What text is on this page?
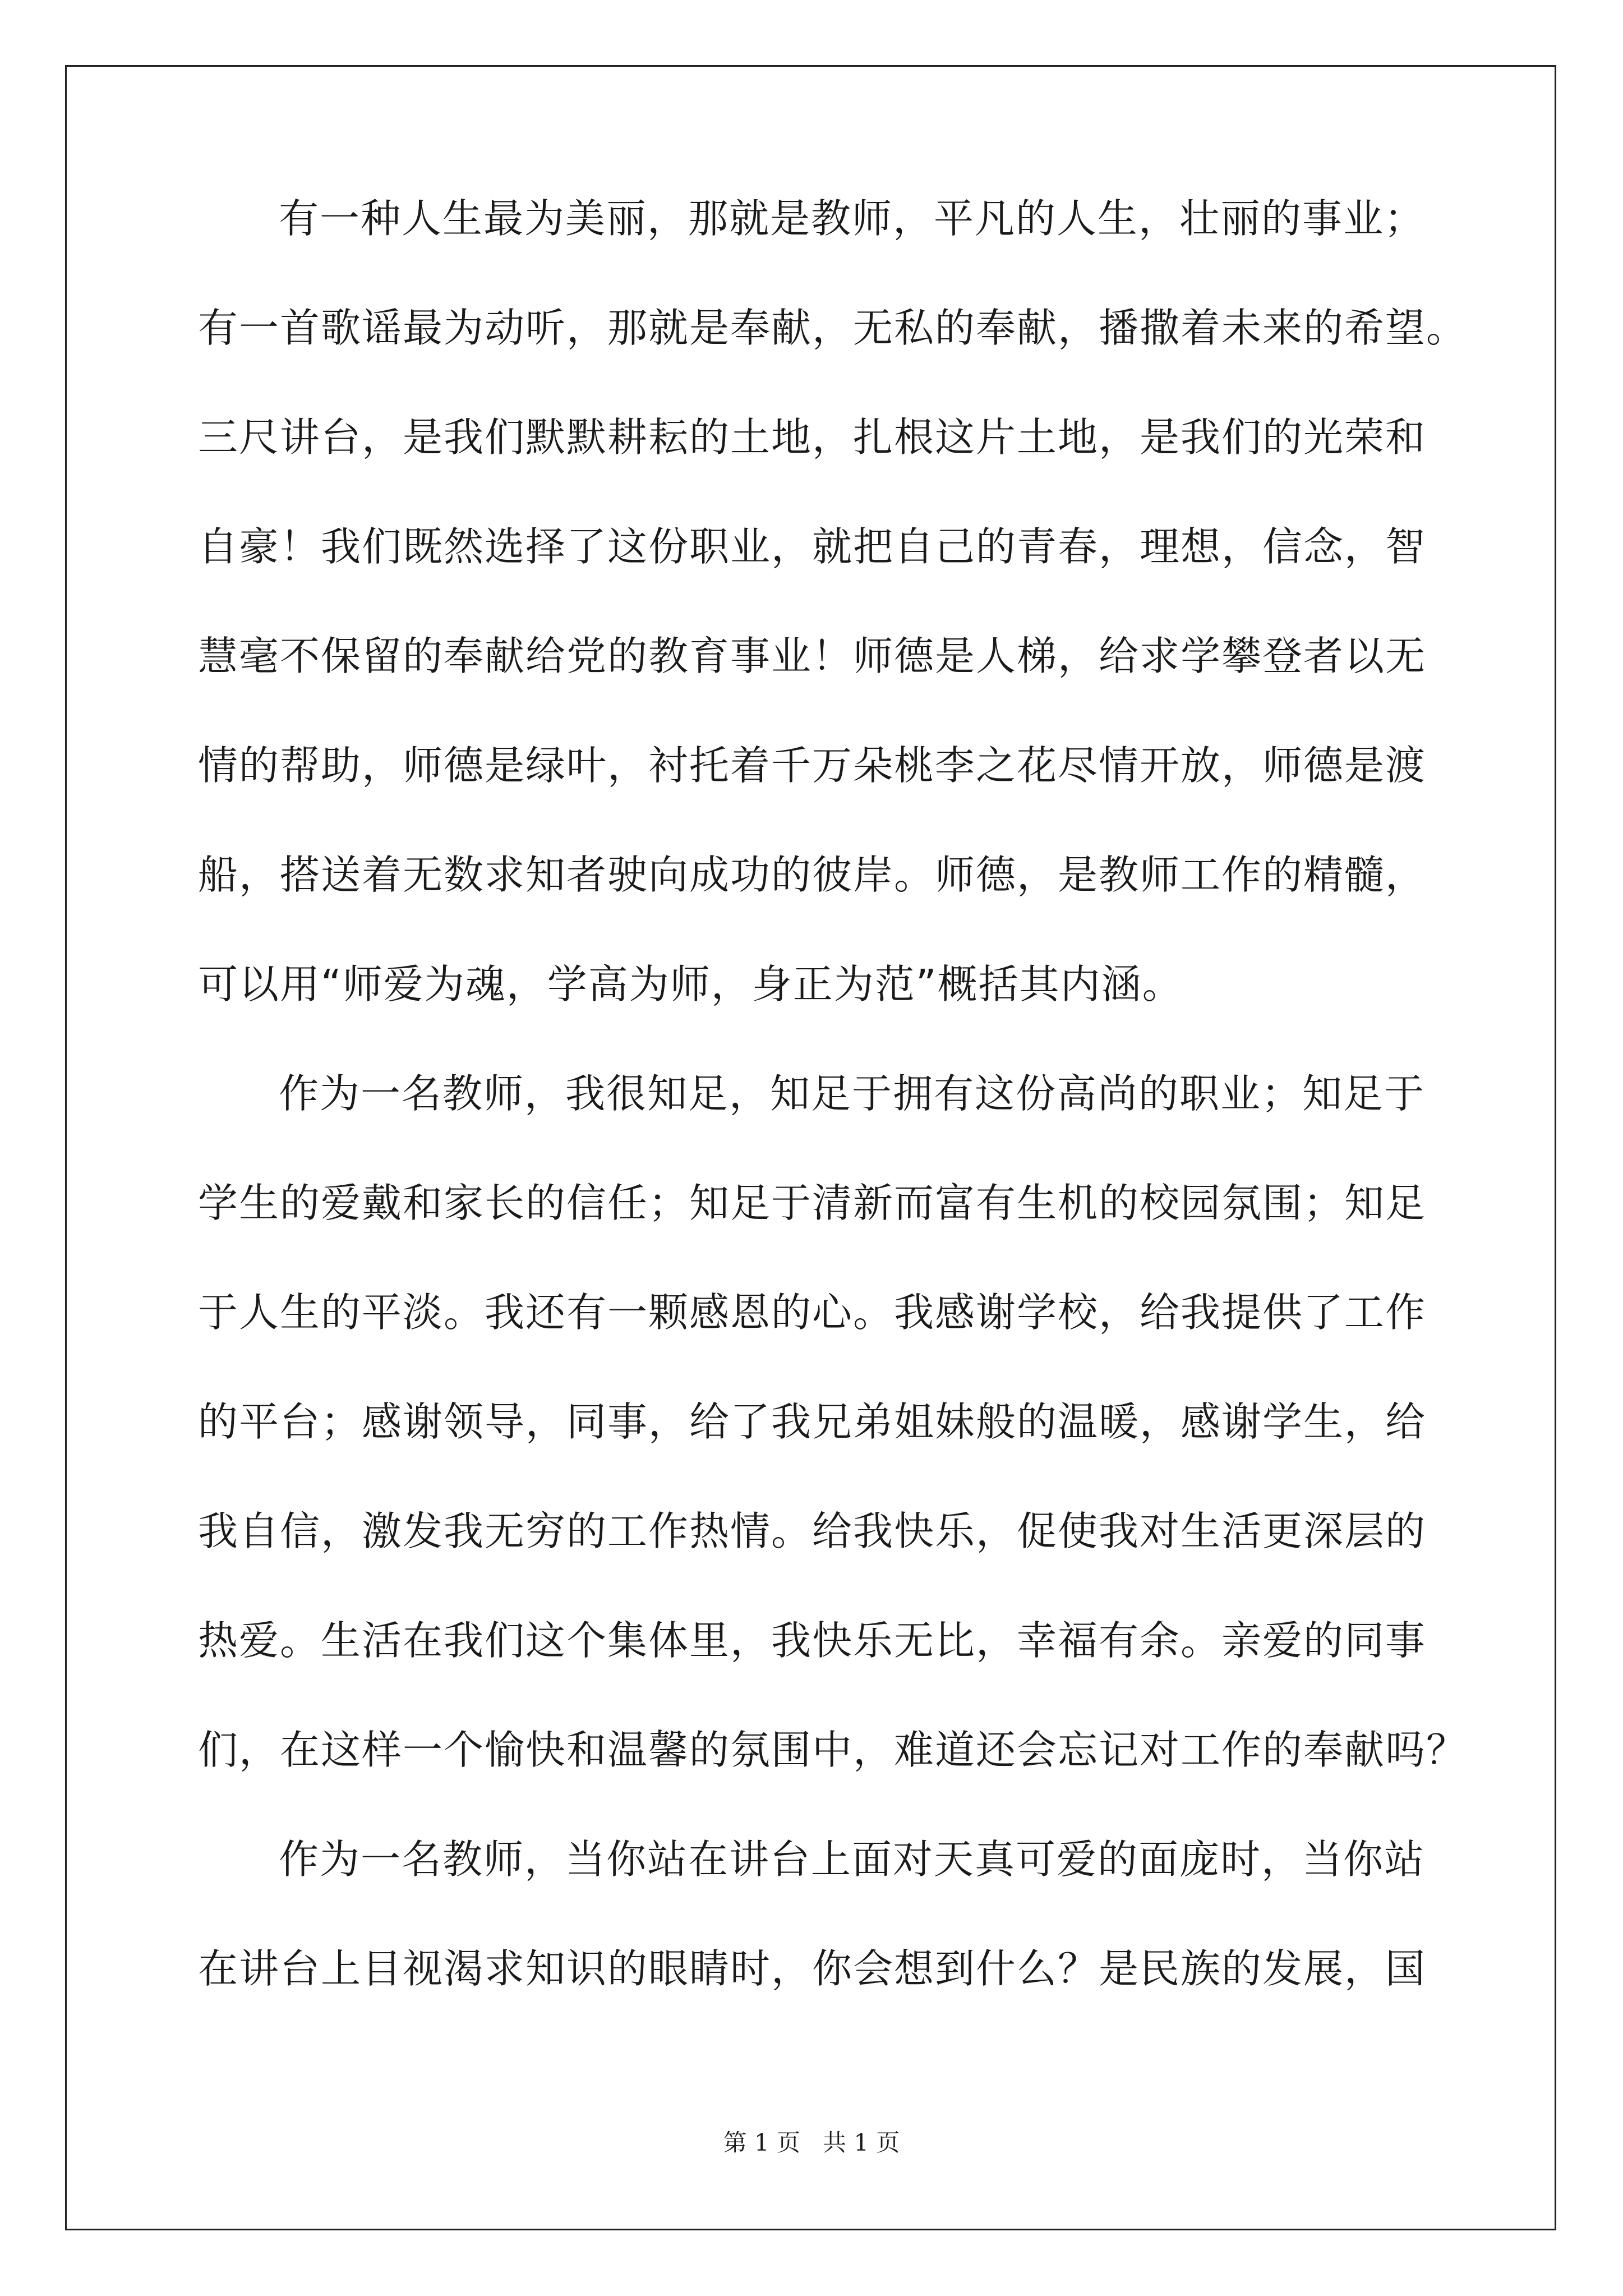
有一种人生最为美丽，那就是教师，平凡的人生，壮丽的事业；
有一首歌谣最为动听，那就是奉献，无私的奉献，播撒着未来的希望。
三尺讲台，是我们默默耕耘的土地，扎根这片土地，是我们的光荣和
自豪！我们既然选择了这份职业，就把自己的青春，理想，信念，智
慧毫不保留的奉献给党的教育事业！师德是人梯，给求学攀登者以无
情的帮助，师德是绿叶，衬托着千万朵桃李之花尽情开放，师德是渡
船，搭送着无数求知者驶向成功的彼岸。师德，是教师工作的精髓，
可以用“师爱为魂，学高为师，身正为范”概括其内涵。
作为一名教师，我很知足，知足于拥有这份高尚的职业；知足于
学生的爱戴和家长的信任；知足于清新而富有生机的校园氛围；知足
于人生的平淡。我还有一颗感恩的心。我感谢学校，给我提供了工作
的平台；感谢领导，同事，给了我兄弟姐妹般的温暖，感谢学生，给
我自信，激发我无穷的工作热情。给我快乐，促使我对生活更深层的
热爱。生活在我们这个集体里，我快乐无比，幸福有余。亲爱的同事
们，在这样一个愉快和温馨的氛围中，难道还会忘记对工作的奉献吗？
作为一名教师，当你站在讲台上面对天真可爱的面庞时，当你站
在讲台上目视渴求知识的眼睛时，你会想到什么？是民族的发展，国
第 1 页 共 1 页
